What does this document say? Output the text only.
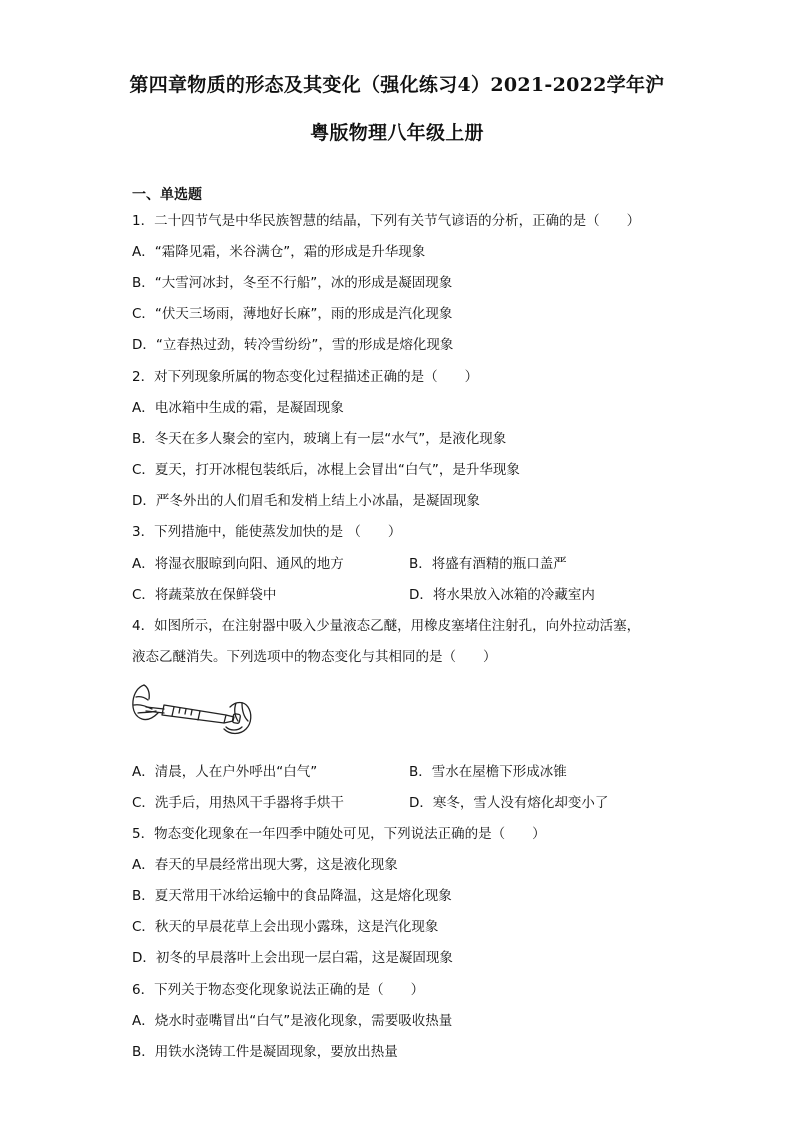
第四章物质的形态及其变化（强化练习4）2021-2022学年沪
粤版物理八年级上册
一、单选题
1．二十四节气是中华民族智慧的结晶，下列有关节气谚语的分析，正确的是（　　）
A．“霜降见霜，米谷满仓”，霜的形成是升华现象
B．“大雪河冰封，冬至不行船”，冰的形成是凝固现象
C．“伏天三场雨，薄地好长麻”，雨的形成是汽化现象
D．“立春热过劲，转冷雪纷纷”，雪的形成是熔化现象
2．对下列现象所属的物态变化过程描述正确的是（　　）
A．电冰箱中生成的霜，是凝固现象
B．冬天在多人聚会的室内，玻璃上有一层“水气”，是液化现象
C．夏天，打开冰棍包装纸后，冰棍上会冒出“白气”，是升华现象
D．严冬外出的人们眉毛和发梢上结上小冰晶，是凝固现象
3．下列措施中，能使蒸发加快的是 （　　）
A．将湿衣服晾到向阳、通风的地方	B．将盛有酒精的瓶口盖严
C．将蔬菜放在保鲜袋中	D．将水果放入冰箱的冷藏室内
4．如图所示，在注射器中吸入少量液态乙醚，用橡皮塞堵住注射孔，向外拉动活塞，
液态乙醚消失。下列选项中的物态变化与其相同的是（　　）
A．清晨，人在户外呼出“白气”	B．雪水在屋檐下形成冰锥
C．洗手后，用热风干手器将手烘干	D．寒冬，雪人没有熔化却变小了
5．物态变化现象在一年四季中随处可见，下列说法正确的是（　　）
A．春天的早晨经常出现大雾，这是液化现象
B．夏天常用干冰给运输中的食品降温，这是熔化现象
C．秋天的早晨花草上会出现小露珠，这是汽化现象
D．初冬的早晨落叶上会出现一层白霜，这是凝固现象
6．下列关于物态变化现象说法正确的是（　　）
A．烧水时壶嘴冒出“白气”是液化现象，需要吸收热量
B．用铁水浇铸工件是凝固现象，要放出热量
